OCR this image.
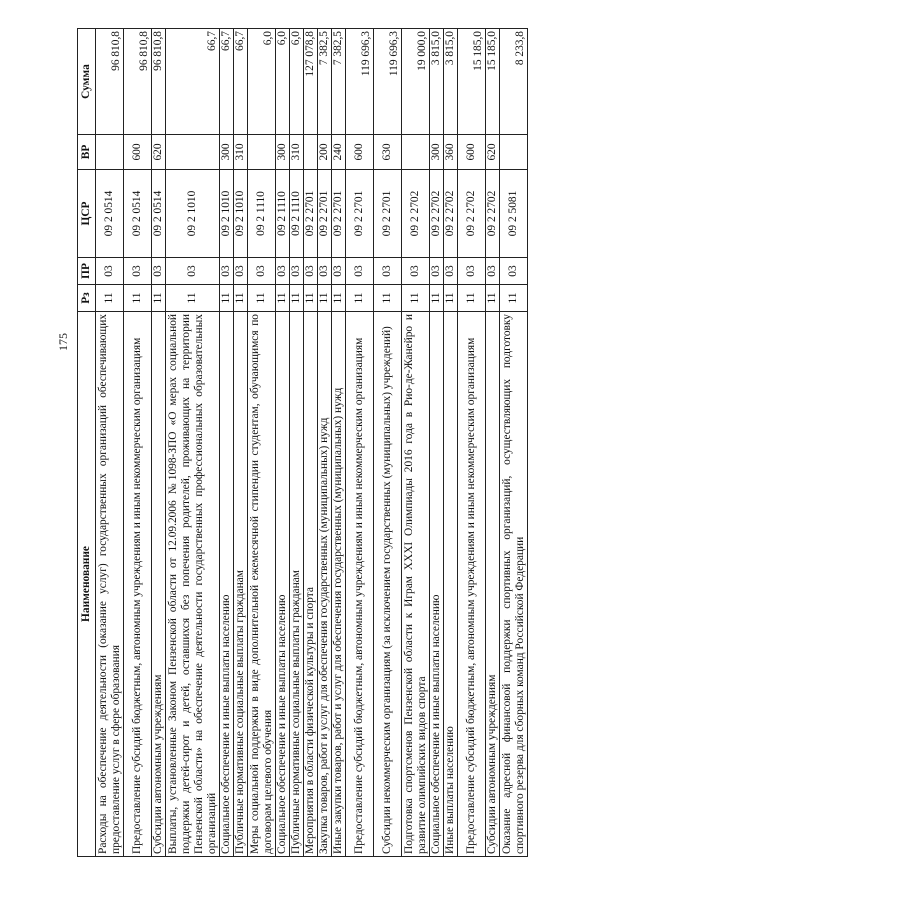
175
Наименование	Рз	ПР	ЦСР	ВР	Сумма
Расходы на обеспечение деятельности (оказание услуг) государственных организаций обеспечивающих предоставление услуг в сфере образования	11	03	09 2 0514		96 810,8
Предоставление субсидий бюджетным, автономным учреждениям и иным некоммерческим организациям	11	03	09 2 0514	600	96 810,8
Субсидии автономным учреждениям	11	03	09 2 0514	620	96 810,8
Выплаты, установленные Законом Пензенской области от 12.09.2006 №1098-ЗПО «О мерах социальной поддержки детей-сирот и детей, оставшихся без попечения родителей, проживающих на территории Пензенской области» на обеспечение деятельности государственных профессиональных образовательных организаций	11	03	09 2 1010		66,7
Социальное обеспечение и иные выплаты населению	11	03	09 2 1010	300	66,7
Публичные нормативные социальные выплаты гражданам	11	03	09 2 1010	310	66,7
Меры социальной поддержки в виде дополнительной ежемесячной стипендии студентам, обучающимся по договорам целевого обучения	11	03	09 2 1110		6,0
Социальное обеспечение и иные выплаты населению	11	03	09 2 1110	300	6,0
Публичные нормативные социальные выплаты гражданам	11	03	09 2 1110	310	6,0
Мероприятия в области физической культуры и спорта	11	03	09 2 2701		127 078,8
Закупка товаров, работ и услуг для обеспечения государственных (муниципальных) нужд	11	03	09 2 2701	200	7 382,5
Иные закупки товаров, работ и услуг для обеспечения государственных (муниципальных) нужд	11	03	09 2 2701	240	7 382,5
Предоставление субсидий бюджетным, автономным учреждениям и иным некоммерческим организациям	11	03	09 2 2701	600	119 696,3
Субсидии некоммерческим организациям (за исключением государственных (муниципальных) учреждений)	11	03	09 2 2701	630	119 696,3
Подготовка спортсменов Пензенской области к Играм XXXI Олимпиады 2016 года в Рио-де-Жанейро и развитие олимпийских видов спорта	11	03	09 2 2702		19 000,0
Социальное обеспечение и иные выплаты населению	11	03	09 2 2702	300	3 815,0
Иные выплаты населению	11	03	09 2 2702	360	3 815,0
Предоставление субсидий бюджетным, автономным учреждениям и иным некоммерческим организациям	11	03	09 2 2702	600	15 185,0
Субсидии автономным учреждениям	11	03	09 2 2702	620	15 185,0
Оказание адресной финансовой поддержки спортивных организаций, осуществляющих подготовку спортивного резерва для сборных команд Российской Федерации	11	03	09 2 5081		8 233,8
